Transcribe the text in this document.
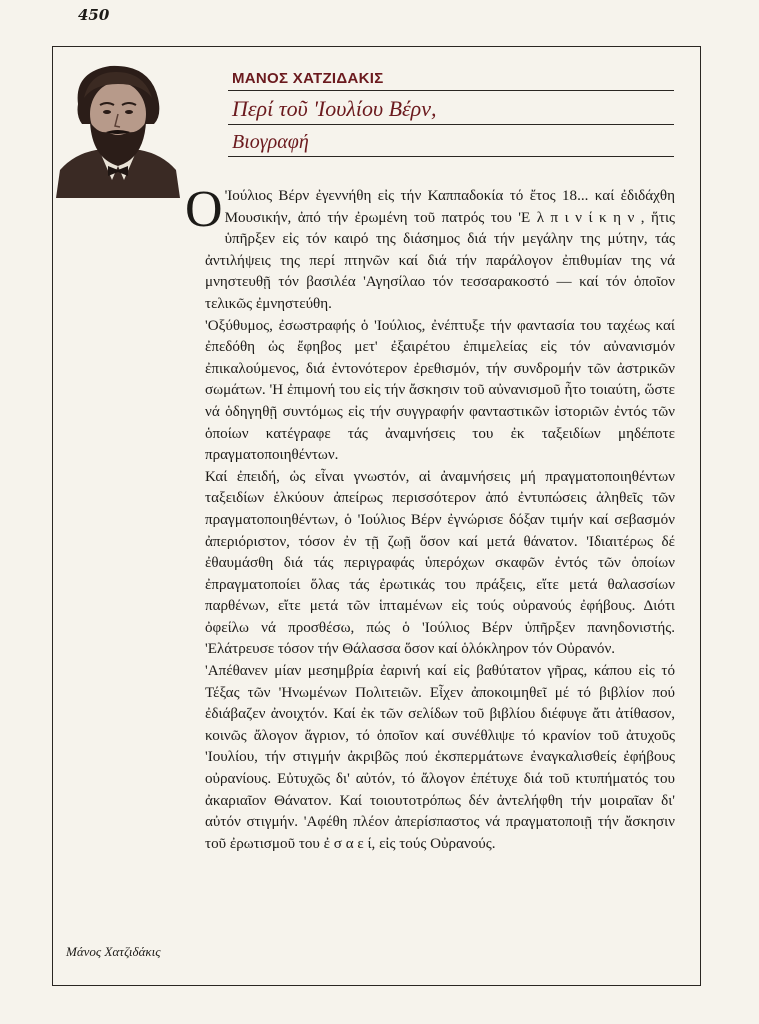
450
ΜΑΝΟΣ ΧΑΤΖΙΔΑΚΙΣ
Περί τοῦ 'Ιουλίου Βέρν,
Βιογραφή

Ο 'Ιούλιος Βέρν ἐγεννήθη εἰς τήν Καππαδοκία τό ἔτος 18... καί ἐδιδάχθη Μουσικήν, ἀπό τήν ἐρωμένη τοῦ πατρός του 'Ε λ π ι ν ί κ η ν , ἥτις ὑπῆρξεν εἰς τόν καιρό της διάσημος διά τήν μεγάλην της μύτην, τάς ἀντιλήψεις της περί πτηνῶν καί διά τήν παράλογον ἐπιθυμίαν της νά μνηστευθῇ τόν βασιλέα 'Αγησίλαο τόν τεσσαρακοστό — καί τόν ὁποῖον τελικῶς ἐμνηστεύθη.

'Οξύθυμος, ἐσωστραφής ὁ 'Ιούλιος, ἐνέπτυξε τήν φαντασία του ταχέως καί ἐπεδόθη ὡς ἔφηβος μετ' ἐξαιρέτου ἐπιμελείας εἰς τόν αὐνανισμόν ἐπικαλούμενος, διά ἐντονότερον ἐρεθισμόν, τήν συνδρομήν τῶν ἀστρικῶν σωμάτων. 'Η ἐπιμονή του εἰς τήν ἄσκησιν τοῦ αὐνανισμοῦ ἦτο τοιαύτη, ὥστε νά ὁδηγηθῇ συντόμως εἰς τήν συγγραφήν φανταστικῶν ἱστοριῶν ἐντός τῶν ὁποίων κατέγραφε τάς ἀναμνήσεις του ἐκ ταξειδίων μηδέποτε πραγματοποιηθέντων.

Καί ἐπειδή, ὡς εἶναι γνωστόν, αἱ ἀναμνήσεις μή πραγματοποιηθέντων ταξειδίων ἑλκύουν ἀπείρως περισσότερον ἀπό ἐντυπώσεις ἀληθεῖς τῶν πραγματοποιηθέντων, ὁ 'Ιούλιος Βέρν ἐγνώρισε δόξαν τιμήν καί σεβασμόν ἀπεριόριστον, τόσον ἐν τῇ ζωῇ ὅσον καί μετά θάνατον. 'Ιδιαιτέρως δέ ἐθαυμάσθη διά τάς περιγραφάς ὑπερόχων σκαφῶν ἐντός τῶν ὁποίων ἐπραγματοποίει ὅλας τάς ἐρωτικάς του πράξεις, εἴτε μετά θαλασσίων παρθένων, εἴτε μετά τῶν ἱπταμένων εἰς τούς οὐρανούς ἐφήβους. Διότι ὀφείλω νά προσθέσω, πώς ὁ 'Ιούλιος Βέρν ὑπῆρξεν πανηδονιστής. 'Ελάτρευσε τόσον τήν Θάλασσα ὅσον καί ὁλόκληρον τόν Οὐρανόν.

'Απέθανεν μίαν μεσημβρία ἐαρινή καί εἰς βαθύτατον γῆρας, κάπου εἰς τό Τέξας τῶν 'Ηνωμένων Πολιτειῶν. Εἶχεν ἀποκοιμηθεῖ μέ τό βιβλίον πού ἐδιάβαζεν ἀνοιχτόν. Καί ἐκ τῶν σελίδων τοῦ βιβλίου διέφυγε ἄτι ἀτίθασον, κοινῶς ἄλογον ἄγριον, τό ὁποῖον καί συνέθλιψε τό κρανίον τοῦ ἀτυχοῦς 'Ιουλίου, τήν στιγμήν ἀκριβῶς πού ἐκσπερμάτωνε ἐναγκαλισθείς ἐφήβους οὐρανίους. Εὐτυχῶς δι' αὐτόν, τό ἄλογον ἐπέτυχε διά τοῦ κτυπήματός του ἀκαριαῖον Θάνατον. Καί τοιουτοτρόπως δέν ἀντελήφθη τήν μοιραῖαν δι' αὐτόν στιγμήν. 'Αφέθη πλέον ἀπερίσπαστος νά πραγματοποιῇ τήν ἄσκησιν τοῦ ἐρωτισμοῦ του ἐ σ α ε ί, εἰς τούς Οὐρανούς.

Μάνος Χατζιδάκις
